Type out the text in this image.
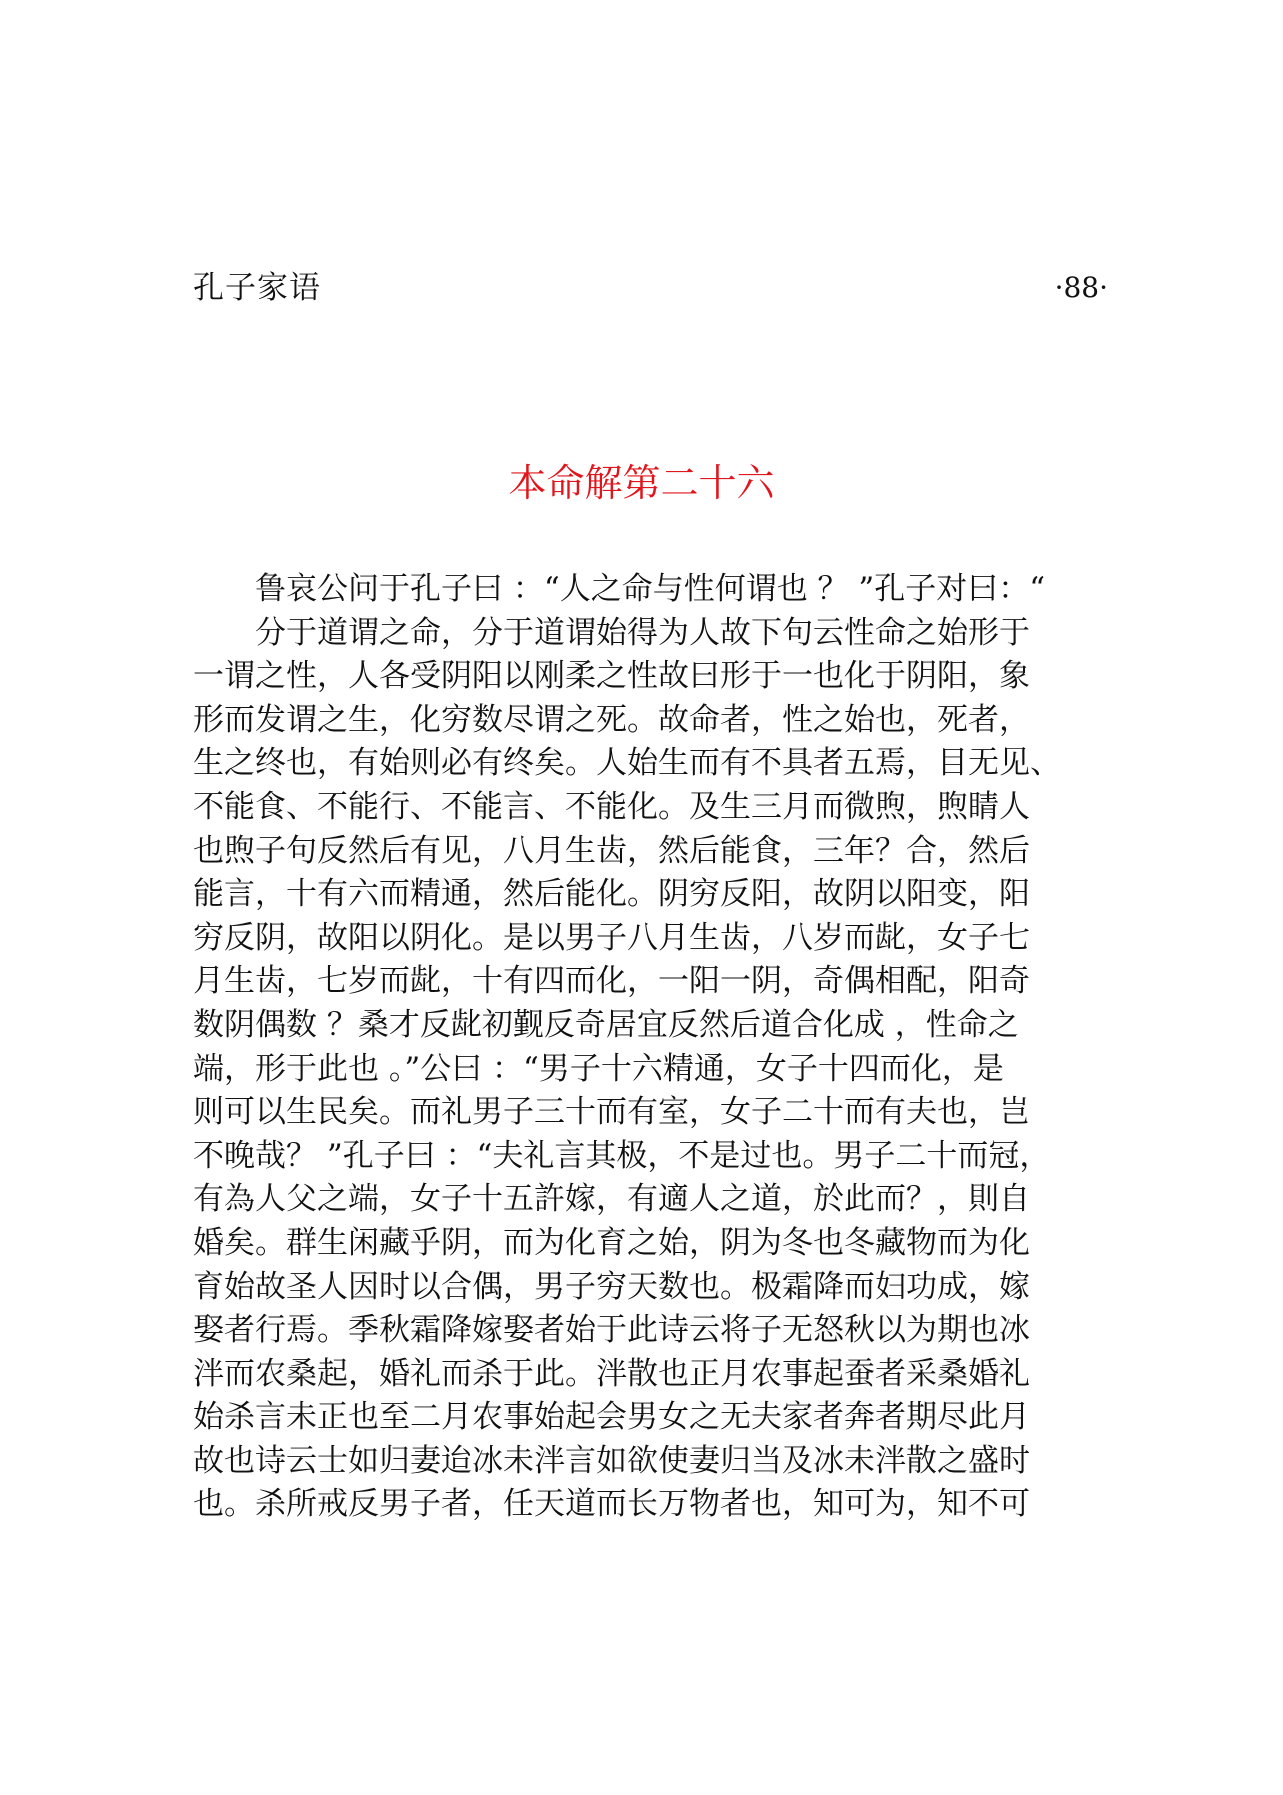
孔子家语	·88·
本命解第二十六
鲁哀公问于孔子曰 ：“人之命与性何谓也 ？ ”孔子对曰：“
分于道谓之命，分于道谓始得为人故下句云性命之始形于
一谓之性，人各受阴阳以刚柔之性故曰形于一也化于阴阳，象
形而发谓之生，化穷数尽谓之死。故命者，性之始也，死者，
生之终也，有始则必有终矣。人始生而有不具者五焉，目无见、
不能食、不能行、不能言、不能化。及生三月而微煦，煦睛人
也煦子句反然后有见，八月生齿，然后能食，三年？合，然后
能言，十有六而精通，然后能化。阴穷反阳，故阴以阳变，阳
穷反阴，故阳以阴化。是以男子八月生齿，八岁而龀，女子七
月生齿，七岁而龀，十有四而化，一阳一阴，奇偶相配，阳奇
数阴偶数 ？桑才反龀初觐反奇居宜反然后道合化成 ，性命之
端，形于此也 。”公曰 ：“男子十六精通，女子十四而化，是
则可以生民矣。而礼男子三十而有室，女子二十而有夫也，岂
不晚哉？ ”孔子曰 ：“夫礼言其极，不是过也。男子二十而冠，
有為人父之端，女子十五許嫁，有適人之道，於此而？，則自
婚矣。群生闲藏乎阴，而为化育之始，阴为冬也冬藏物而为化
育始故圣人因时以合偶，男子穷天数也。极霜降而妇功成，嫁
娶者行焉。季秋霜降嫁娶者始于此诗云将子无怒秋以为期也冰
泮而农桑起，婚礼而杀于此。泮散也正月农事起蚕者采桑婚礼
始杀言未正也至二月农事始起会男女之无夫家者奔者期尽此月
故也诗云士如归妻迨冰未泮言如欲使妻归当及冰未泮散之盛时
也。杀所戒反男子者，任天道而长万物者也，知可为，知不可
